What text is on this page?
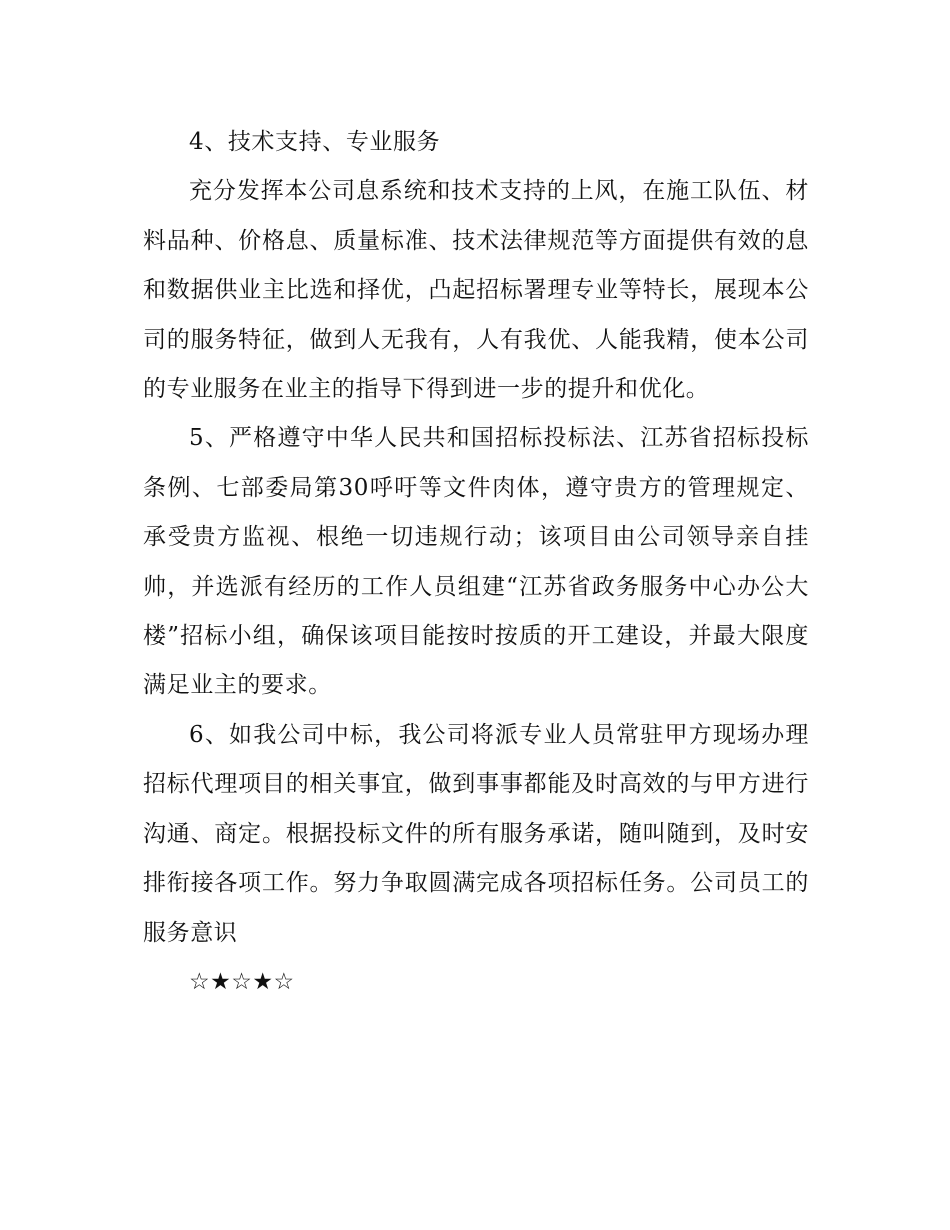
4、技术支持、专业服务

充分发挥本公司息系统和技术支持的上风，在施工队伍、材料品种、价格息、质量标准、技术法律规范等方面提供有效的息和数据供业主比选和择优，凸起招标署理专业等特长，展现本公司的服务特征，做到人无我有，人有我优、人能我精，使本公司的专业服务在业主的指导下得到进一步的提升和优化。

5、严格遵守中华人民共和国招标投标法、江苏省招标投标条例、七部委局第30呼吁等文件肉体，遵守贵方的管理规定、承受贵方监视、根绝一切违规行动；该项目由公司领导亲自挂帅，并选派有经历的工作人员组建“江苏省政务服务中心办公大楼”招标小组，确保该项目能按时按质的开工建设，并最大限度满足业主的要求。

6、如我公司中标，我公司将派专业人员常驻甲方现场办理招标代理项目的相关事宜，做到事事都能及时高效的与甲方进行沟通、商定。根据投标文件的所有服务承诺，随叫随到，及时安排衔接各项工作。努力争取圆满完成各项招标任务。公司员工的服务意识

☆★☆★☆
